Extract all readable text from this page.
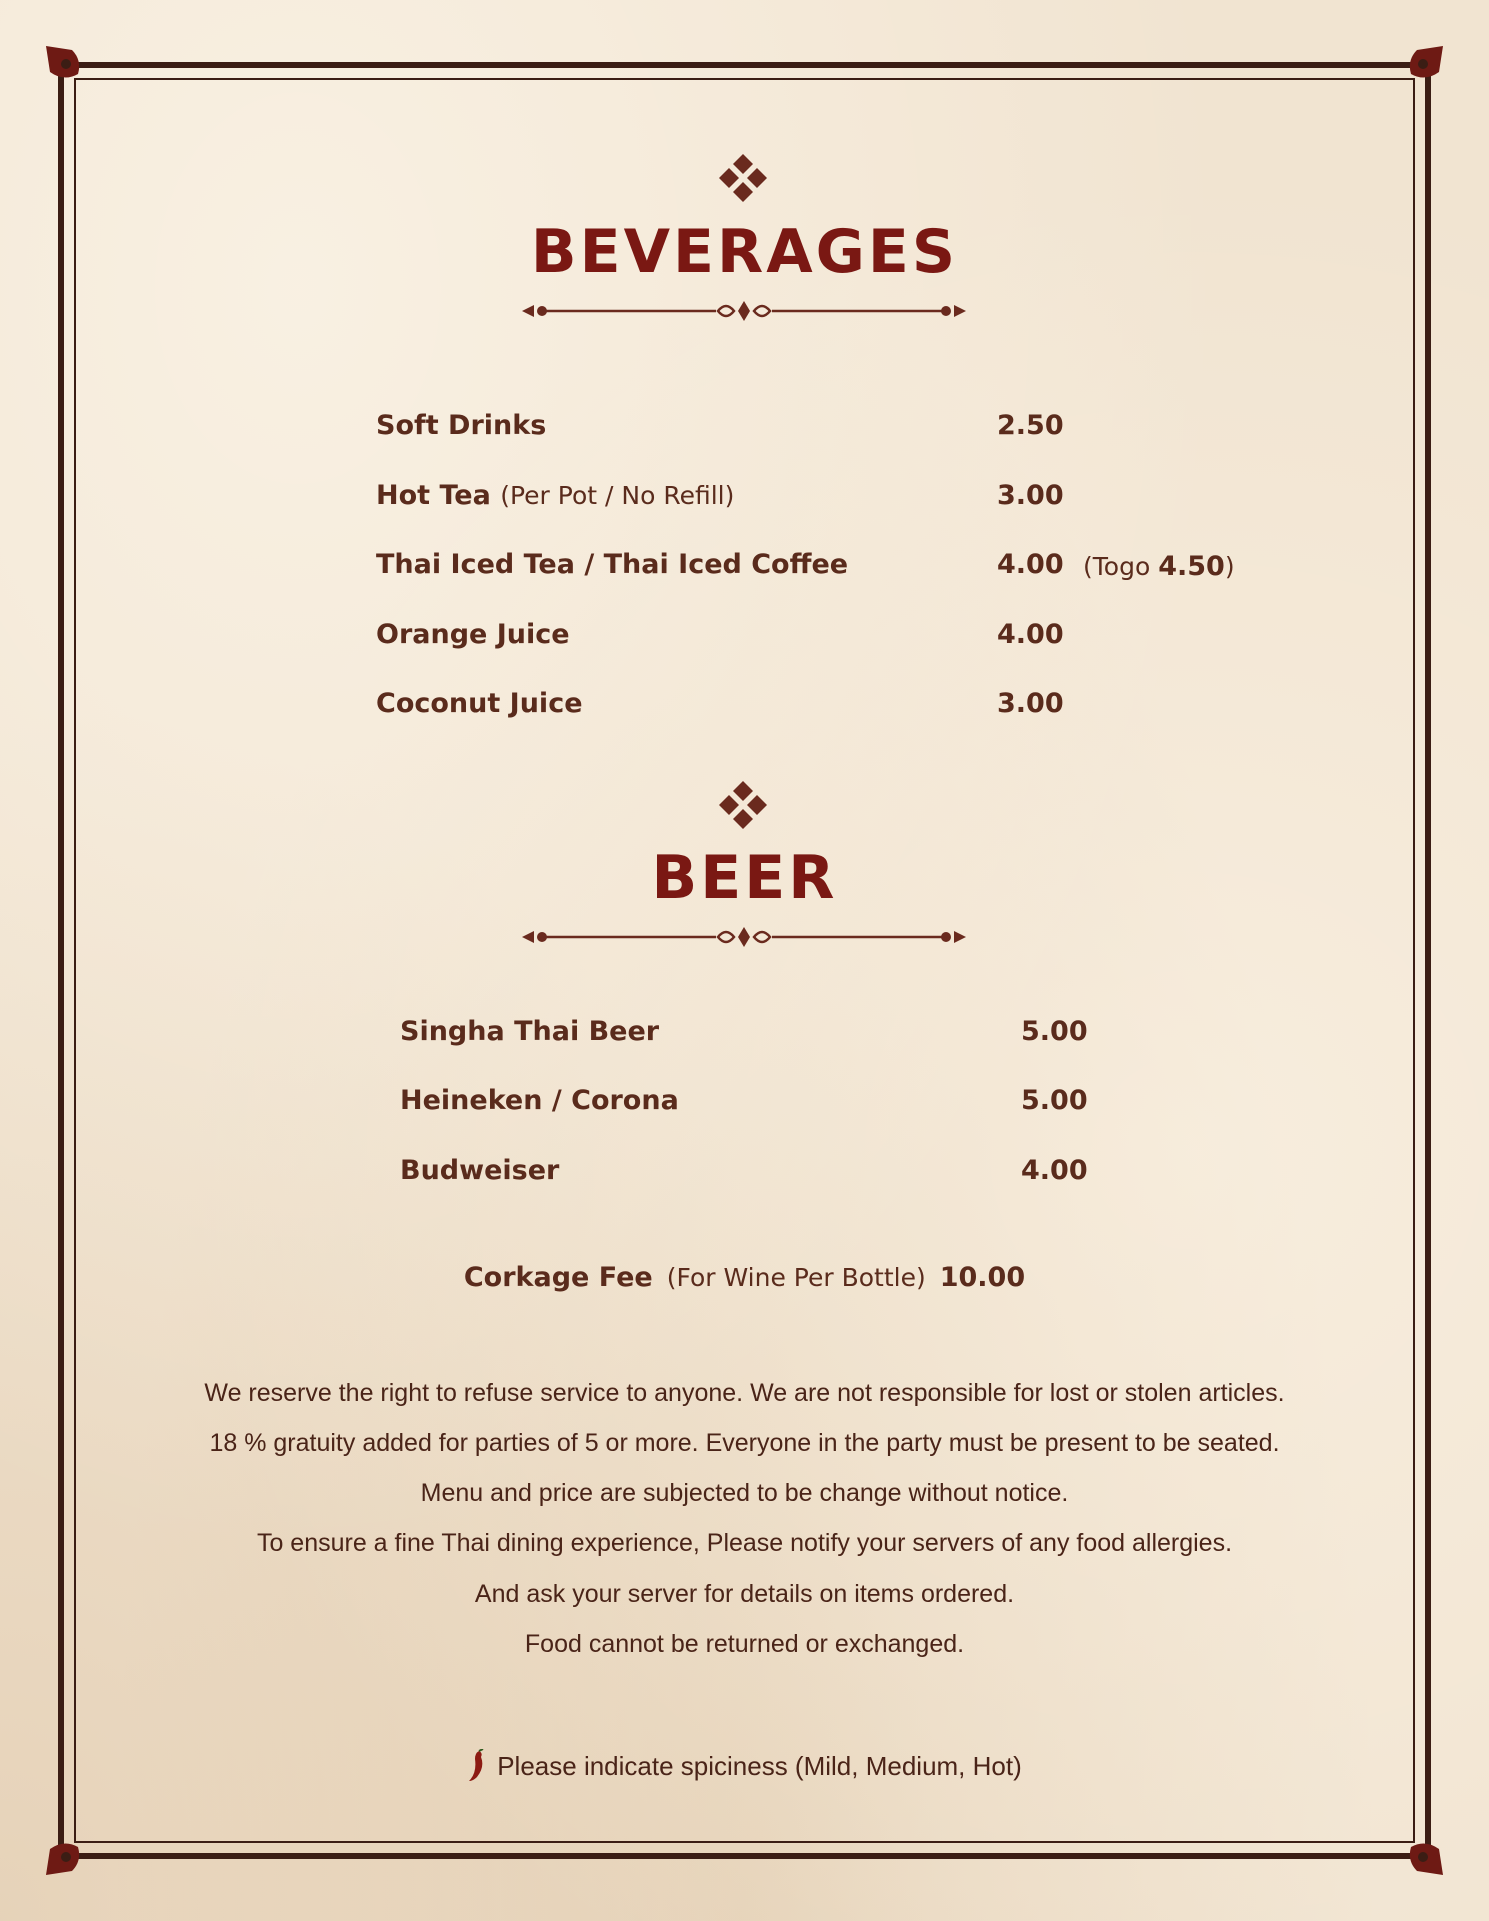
BEVERAGES
Soft Drinks	2.50
Hot Tea (Per Pot / No Refill)	3.00
Thai Iced Tea / Thai Iced Coffee	4.00 (Togo 4.50)
Orange Juice	4.00
Coconut Juice	3.00
BEER
Singha Thai Beer	5.00
Heineken / Corona	5.00
Budweiser	4.00
Corkage Fee (For Wine Per Bottle) 10.00
We reserve the right to refuse service to anyone. We are not responsible for lost or stolen articles.
18 % gratuity added for parties of 5 or more. Everyone in the party must be present to be seated.
Menu and price are subjected to be change without notice.
To ensure a fine Thai dining experience, Please notify your servers of any food allergies.
And ask your server for details on items ordered.
Food cannot be returned or exchanged.
Please indicate spiciness (Mild, Medium, Hot)
